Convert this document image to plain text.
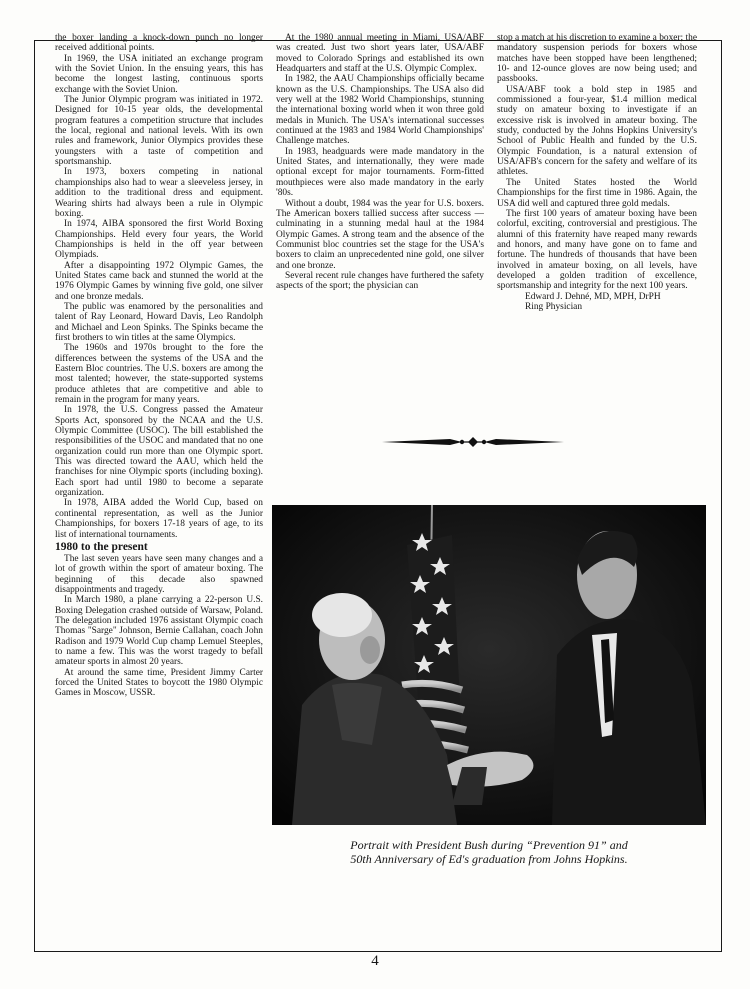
the boxer landing a knock-down punch no longer received additional points.

In 1969, the USA initiated an exchange program with the Soviet Union. In the ensuing years, this has become the longest lasting, continuous sports exchange with the Soviet Union.

The Junior Olympic program was initiated in 1972. Designed for 10-15 year olds, the developmental program features a competition structure that includes the local, regional and national levels. With its own rules and framework, Junior Olympics provides these youngsters with a taste of competition and sportsmanship.

In 1973, boxers competing in national championships also had to wear a sleeveless jersey, in addition to the traditional dress and equipment. Wearing shirts had always been a rule in Olympic boxing.

In 1974, AIBA sponsored the first World Boxing Championships. Held every four years, the World Championships is held in the off year between Olympiads.

After a disappointing 1972 Olympic Games, the United States came back and stunned the world at the 1976 Olympic Games by winning five gold, one silver and one bronze medals.

The public was enamored by the personalities and talent of Ray Leonard, Howard Davis, Leo Randolph and Michael and Leon Spinks. The Spinks became the first brothers to win titles at the same Olympics.

The 1960s and 1970s brought to the fore the differences between the systems of the USA and the Eastern Bloc countries. The U.S. boxers are among the most talented; however, the state-supported systems produce athletes that are competitive and able to remain in the program for many years.

In 1978, the U.S. Congress passed the Amateur Sports Act, sponsored by the NCAA and the U.S. Olympic Committee (USOC). The bill established the responsibilities of the USOC and mandated that no one organization could run more than one Olympic sport. This was directed toward the AAU, which held the franchises for nine Olympic sports (including boxing). Each sport had until 1980 to become a separate organization.

In 1978, AIBA added the World Cup, based on continental representation, as well as the Junior Championships, for boxers 17-18 years of age, to its list of international tournaments.

1980 to the present

The last seven years have seen many changes and a lot of growth within the sport of amateur boxing. The beginning of this decade also spawned disappointments and tragedy.

In March 1980, a plane carrying a 22-person U.S. Boxing Delegation crashed outside of Warsaw, Poland. The delegation included 1976 assistant Olympic coach Thomas "Sarge" Johnson, Bernie Callahan, coach John Radison and 1979 World Cup champ Lemuel Steeples, to name a few. This was the worst tragedy to befall amateur sports in almost 20 years.

At around the same time, President Jimmy Carter forced the United States to boycott the 1980 Olympic Games in Moscow, USSR.

At the 1980 annual meeting in Miami, USA/ABF was created. Just two short years later, USA/ABF moved to Colorado Springs and established its own Headquarters and staff at the U.S. Olympic Complex.

In 1982, the AAU Championships officially became known as the U.S. Championships. The USA also did very well at the 1982 World Championships, stunning the international boxing world when it won three gold medals in Munich. The USA's international successes continued at the 1983 and 1984 World Championships' Challenge matches.

In 1983, headguards were made mandatory in the United States, and internationally, they were made optional except for major tournaments. Form-fitted mouthpieces were also made mandatory in the early '80s.

Without a doubt, 1984 was the year for U.S. boxers. The American boxers tallied success after success — culminating in a stunning medal haul at the 1984 Olympic Games. A strong team and the absence of the Communist bloc countries set the stage for the USA's boxers to claim an unprecedented nine gold, one silver and one bronze.

Several recent rule changes have furthered the safety aspects of the sport; the physician can

stop a match at his discretion to examine a boxer; the mandatory suspension periods for boxers whose matches have been stopped have been lengthened; 10- and 12-ounce gloves are now being used; and passbooks.

USA/ABF took a bold step in 1985 and commissioned a four-year, $1.4 million medical study on amateur boxing to investigate if an excessive risk is involved in amateur boxing. The study, conducted by the Johns Hopkins University's School of Public Health and funded by the U.S. Olympic Foundation, is a natural extension of USA/AFB's concern for the safety and welfare of its athletes.

The United States hosted the World Championships for the first time in 1986. Again, the USA did well and captured three gold medals.

The first 100 years of amateur boxing have been colorful, exciting, controversial and prestigious. The alumni of this fraternity have reaped many rewards and honors, and many have gone on to fame and fortune. The hundreds of thousands that have been involved in amateur boxing, on all levels, have developed a golden tradition of excellence, sportsmanship and integrity for the next 100 years.

Edward J. Dehné, MD, MPH, DrPH
Ring Physician

Portrait with President Bush during “Prevention 91” and
50th Anniversary of Ed's graduation from Johns Hopkins.
4
